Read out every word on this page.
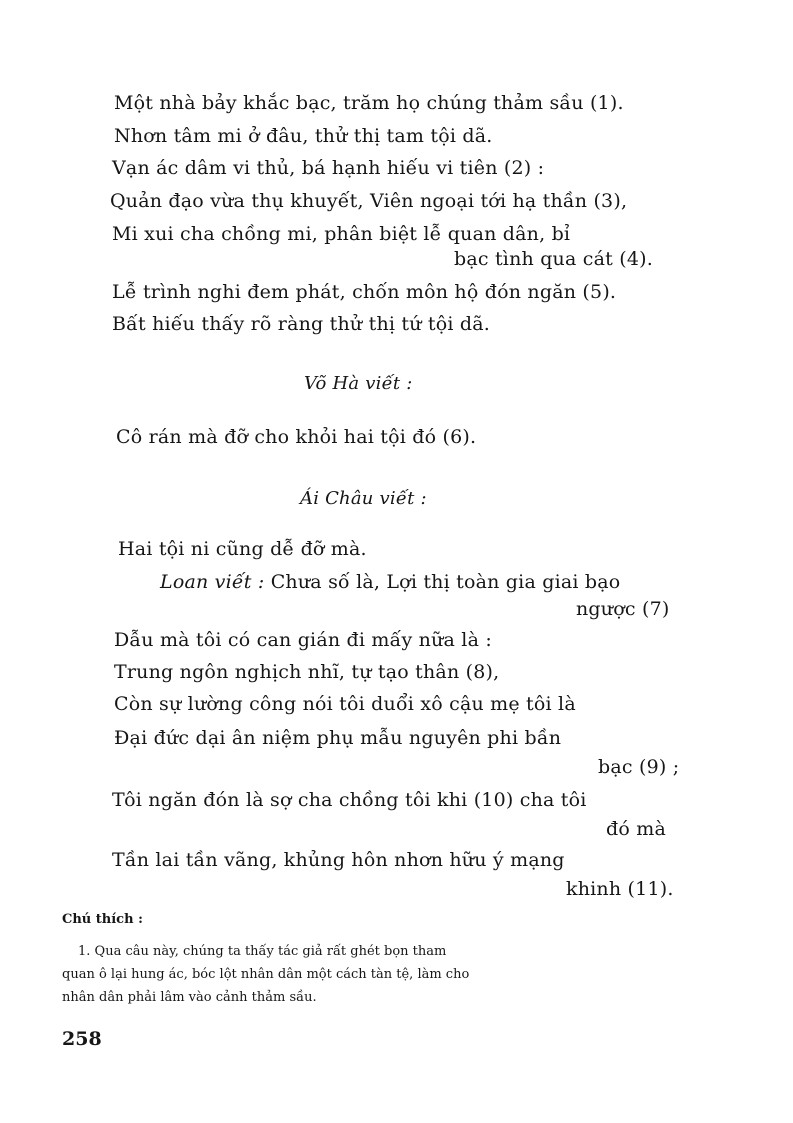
Một nhà bảy khắc bạc, trăm họ chúng thảm sầu (1).
Nhơn tâm mi ở đâu, thử thị tam tội dã.
Vạn ác dâm vi thủ, bá hạnh hiếu vi tiên (2) :
Quản đạo vừa thụ khuyết, Viên ngoại tới hạ thần (3),
Mi xui cha chồng mi, phân biệt lễ quan dân, bỉ
bạc tình qua cát (4).
Lễ trình nghi đem phát, chốn môn hộ đón ngăn (5).
Bất hiếu thấy rõ ràng thử thị tứ tội dã.
Võ Hà viết :
Cô rán mà đỡ cho khỏi hai tội đó (6).
Ái Châu viết :
Hai tội ni cũng dễ đỡ mà.
Loan viết : Chưa số là, Lợi thị toàn gia giai bạo
ngược (7)
Dẫu mà tôi có can gián đi mấy nữa là :
Trung ngôn nghịch nhĩ, tự tạo thân (8),
Còn sự lường công nói tôi duổi xô cậu mẹ tôi là
Đại đức dại ân niệm phụ mẫu nguyên phi bần
bạc (9) ;
Tôi ngăn đón là sợ cha chồng tôi khi (10) cha tôi
đó mà
Tần lai tần vãng, khủng hôn nhơn hữu ý mạng
khinh (11).
Chú thích :
1. Qua câu này, chúng ta thấy tác giả rất ghét bọn tham
quan ô lại hung ác, bóc lột nhân dân một cách tàn tệ, làm cho
nhân dân phải lâm vào cảnh thảm sầu.
258
